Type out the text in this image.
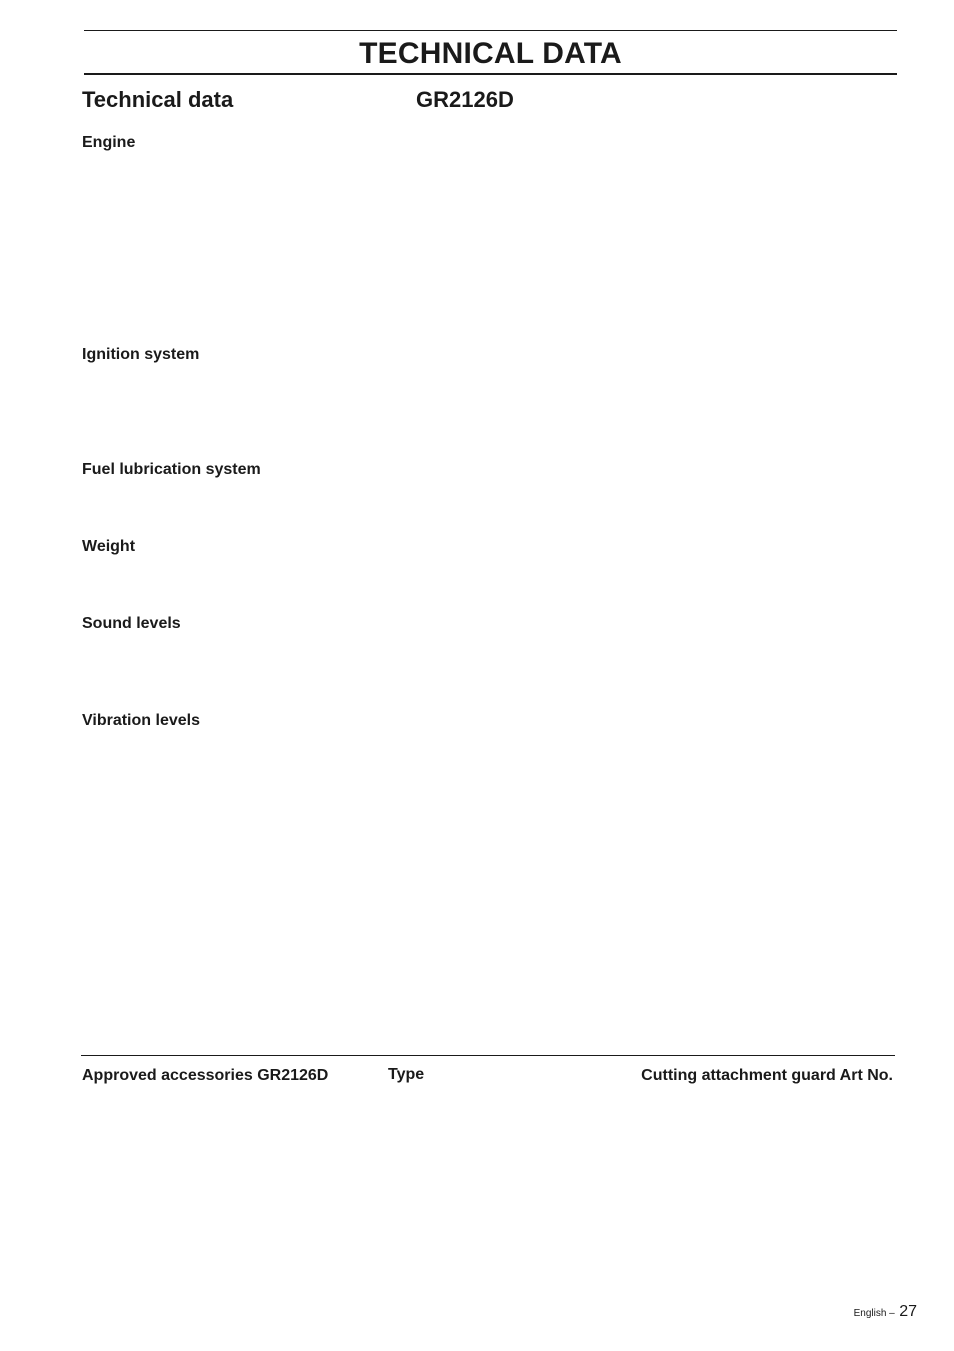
TECHNICAL DATA
Technical data	GR2126D
Engine
Ignition system
Fuel lubrication system
Weight
Sound levels
Vibration levels
Approved accessories GR2126D	Type	Cutting attachment guard Art No.
English – 27
